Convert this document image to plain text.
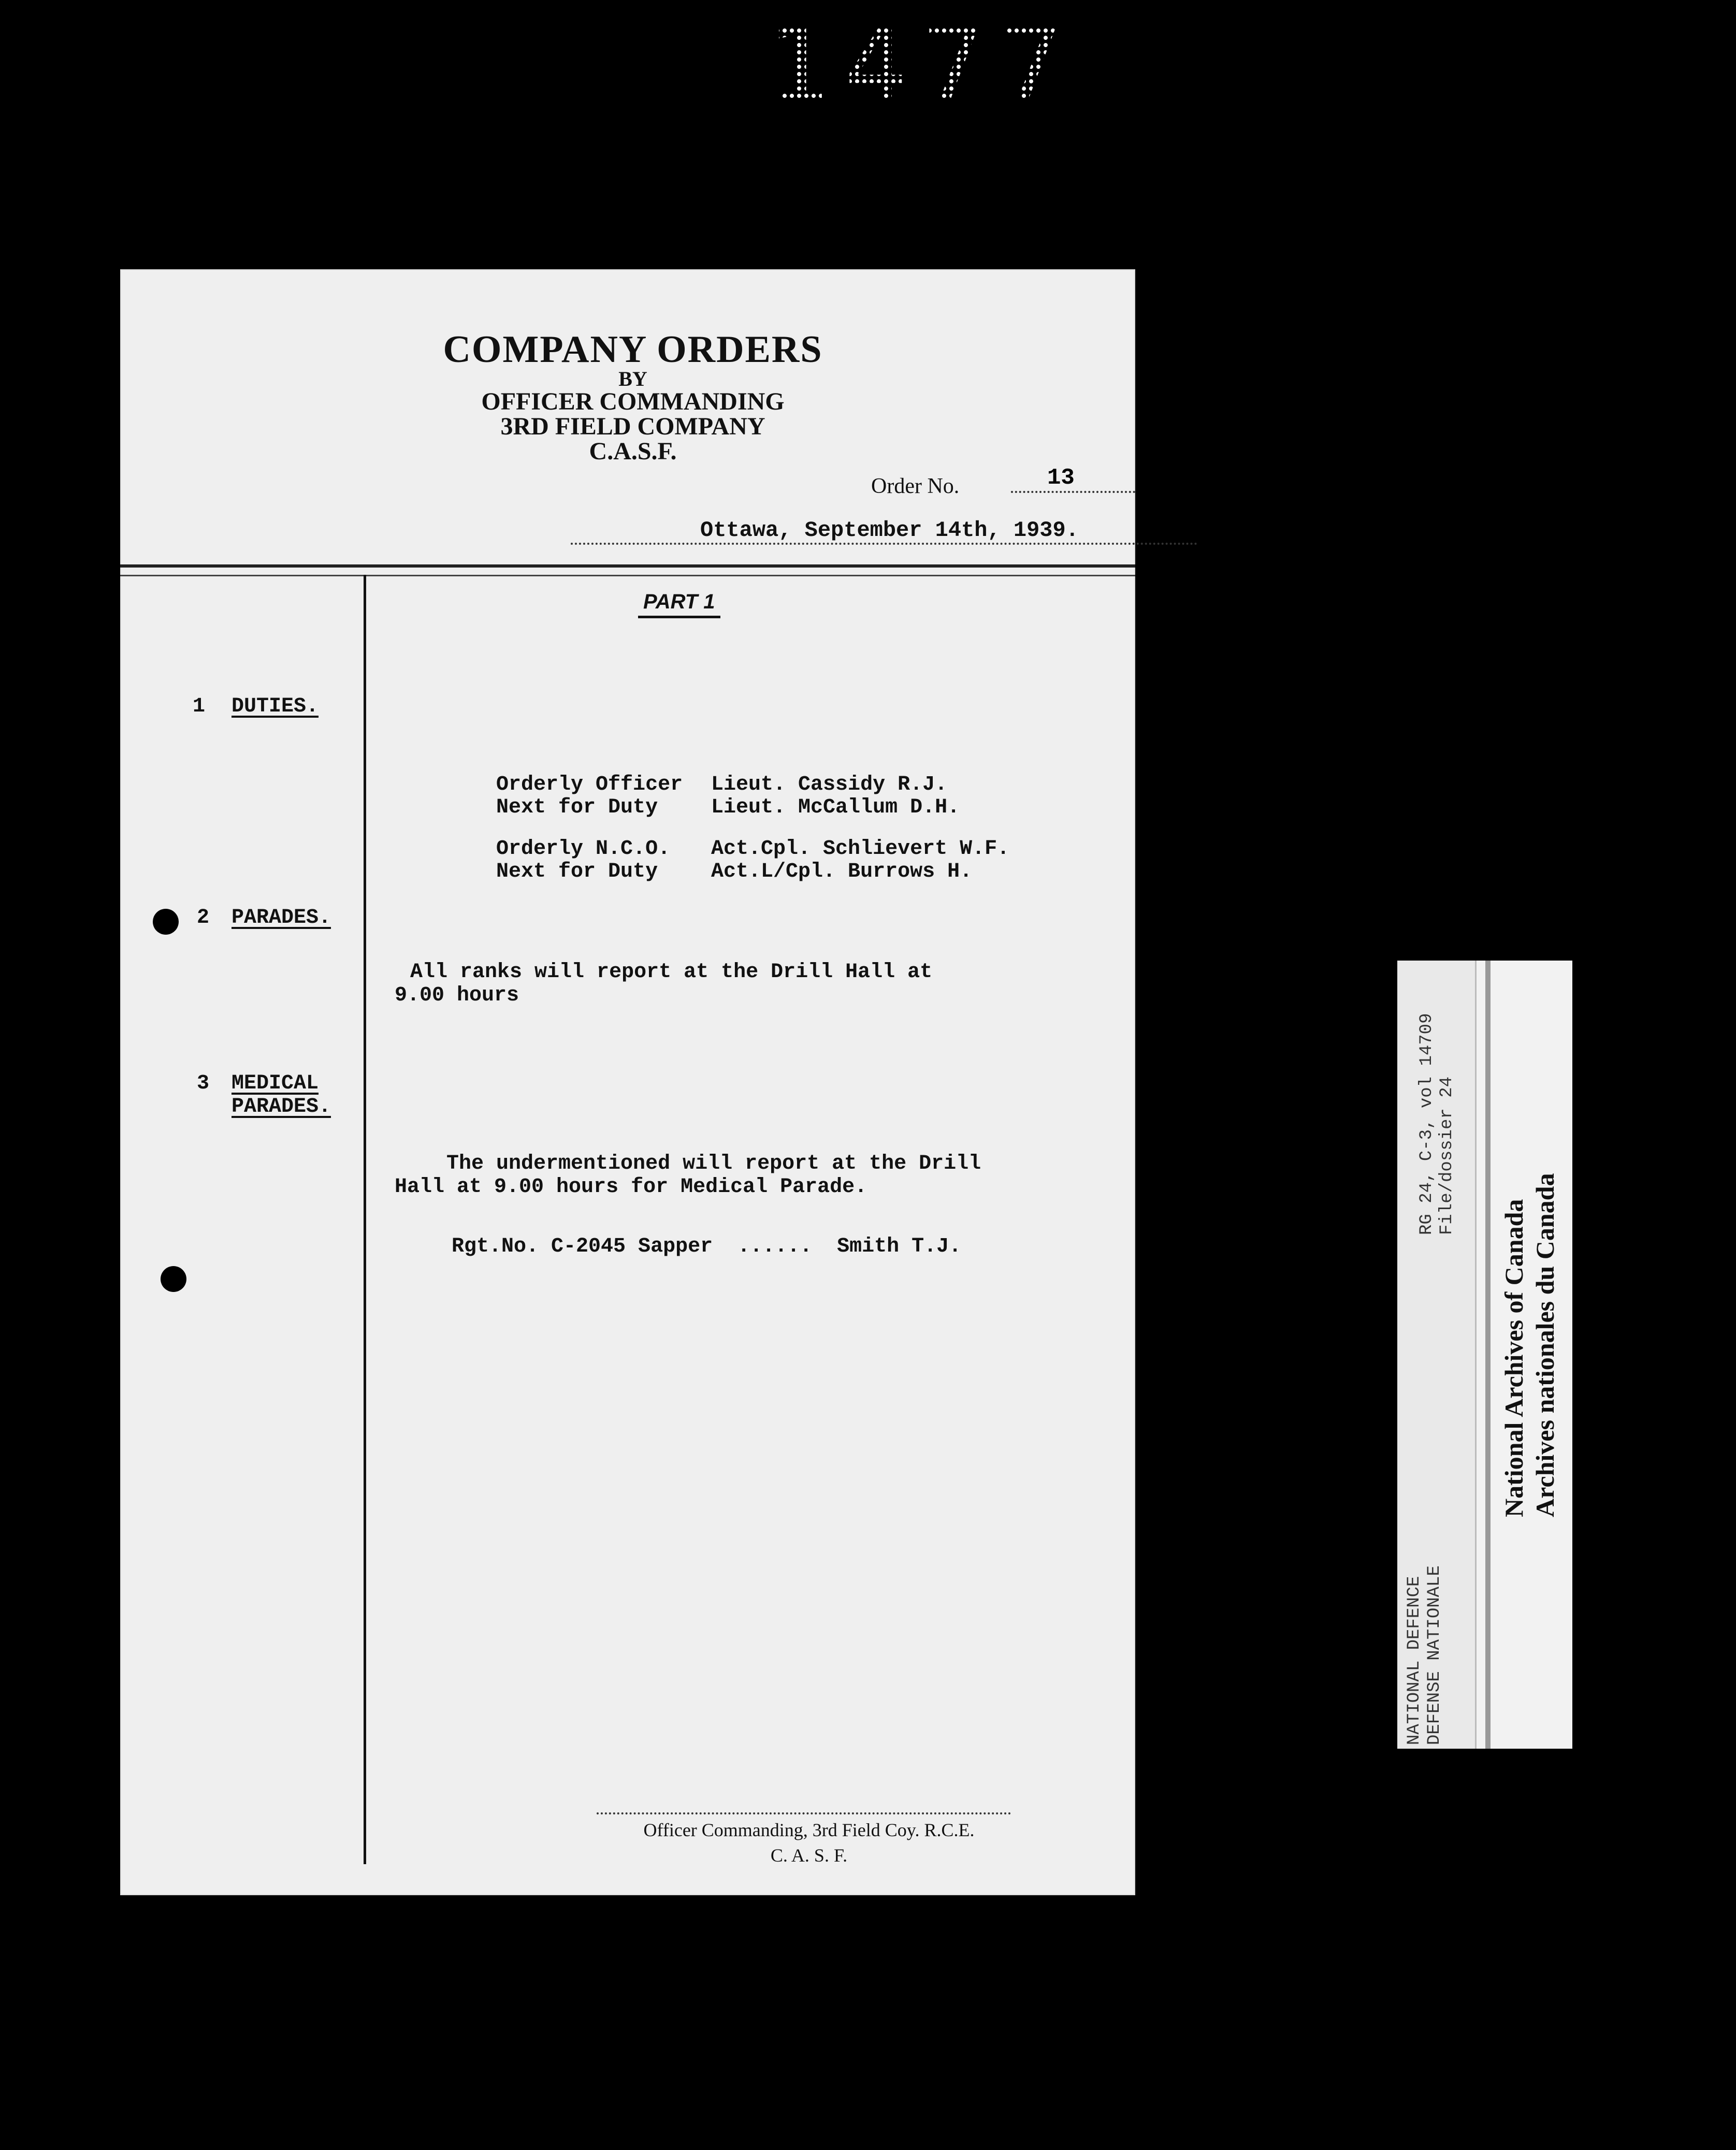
1477
COMPANY ORDERS
BY
OFFICER COMMANDING
3RD FIELD COMPANY
C.A.S.F.
Order No.	13
Ottawa, September 14th, 1939.
PART 1
1 DUTIES.

Orderly Officer Lieut. Cassidy R.J.

Next for Duty	Lieut. McCallum D.H.

Orderly N.C.O. Act.Cpl. Schlievert W.F.

Next for Duty	Act.L/Cpl. Burrows H.

2 PARADES.
All ranks will report at the Drill Hall at
9.00 hours
3 MEDICAL
PARADES.
The undermentioned will report at the Drill
Hall at 9.00 hours for Medical Parade.
Rgt.No. C-2045 Sapper  ......  Smith T.J.
Officer Commanding, 3rd Field Coy. R.C.E.
C. A. S. F.
RG 24, C-3, vol 14709 File/dossier 24
NATIONAL DEFENCE DEFENSE NATIONALE
National Archives of Canada Archives nationales du Canada
